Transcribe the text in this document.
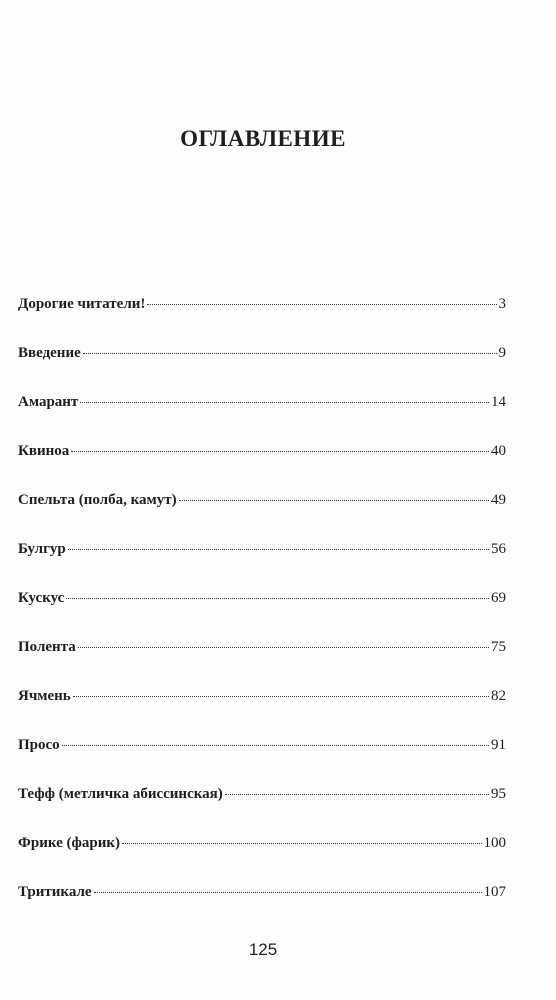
ОГЛАВЛЕНИЕ
Дорогие читатели!	3
Введение	9
Амарант	14
Квиноа	40
Спельта (полба, камут)	49
Булгур	56
Кускус	69
Полента	75
Ячмень	82
Просо	91
Тефф (метличка абиссинская)	95
Фрике (фарик)	100
Тритикале	107
125
